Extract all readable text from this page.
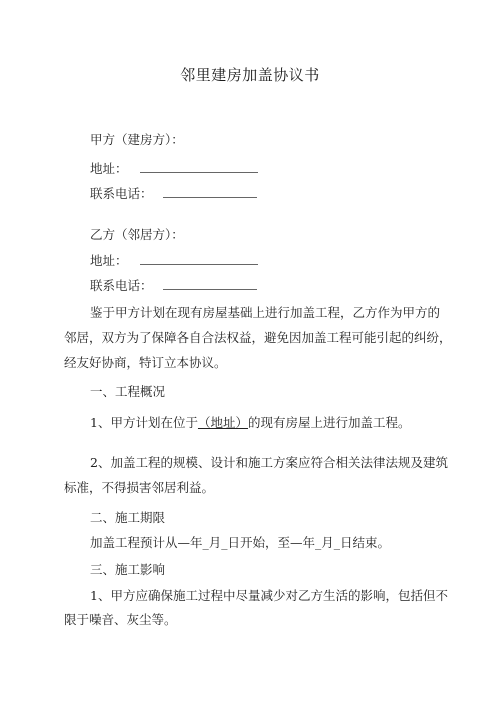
邻里建房加盖协议书
甲方（建房方）：
地址：
联系电话：
乙方（邻居方）：
地址：
联系电话：
鉴于甲方计划在现有房屋基础上进行加盖工程，乙方作为甲方的
邻居，双方为了保障各自合法权益，避免因加盖工程可能引起的纠纷，
经友好协商，特订立本协议。
一、工程概况
1、甲方计划在位于（地址）的现有房屋上进行加盖工程。
2、加盖工程的规模、设计和施工方案应符合相关法律法规及建筑
标准，不得损害邻居利益。
二、施工期限
加盖工程预计从—年_月_日开始，至—年_月_日结束。
三、施工影响
1、甲方应确保施工过程中尽量减少对乙方生活的影响，包括但不
限于噪音、灰尘等。
